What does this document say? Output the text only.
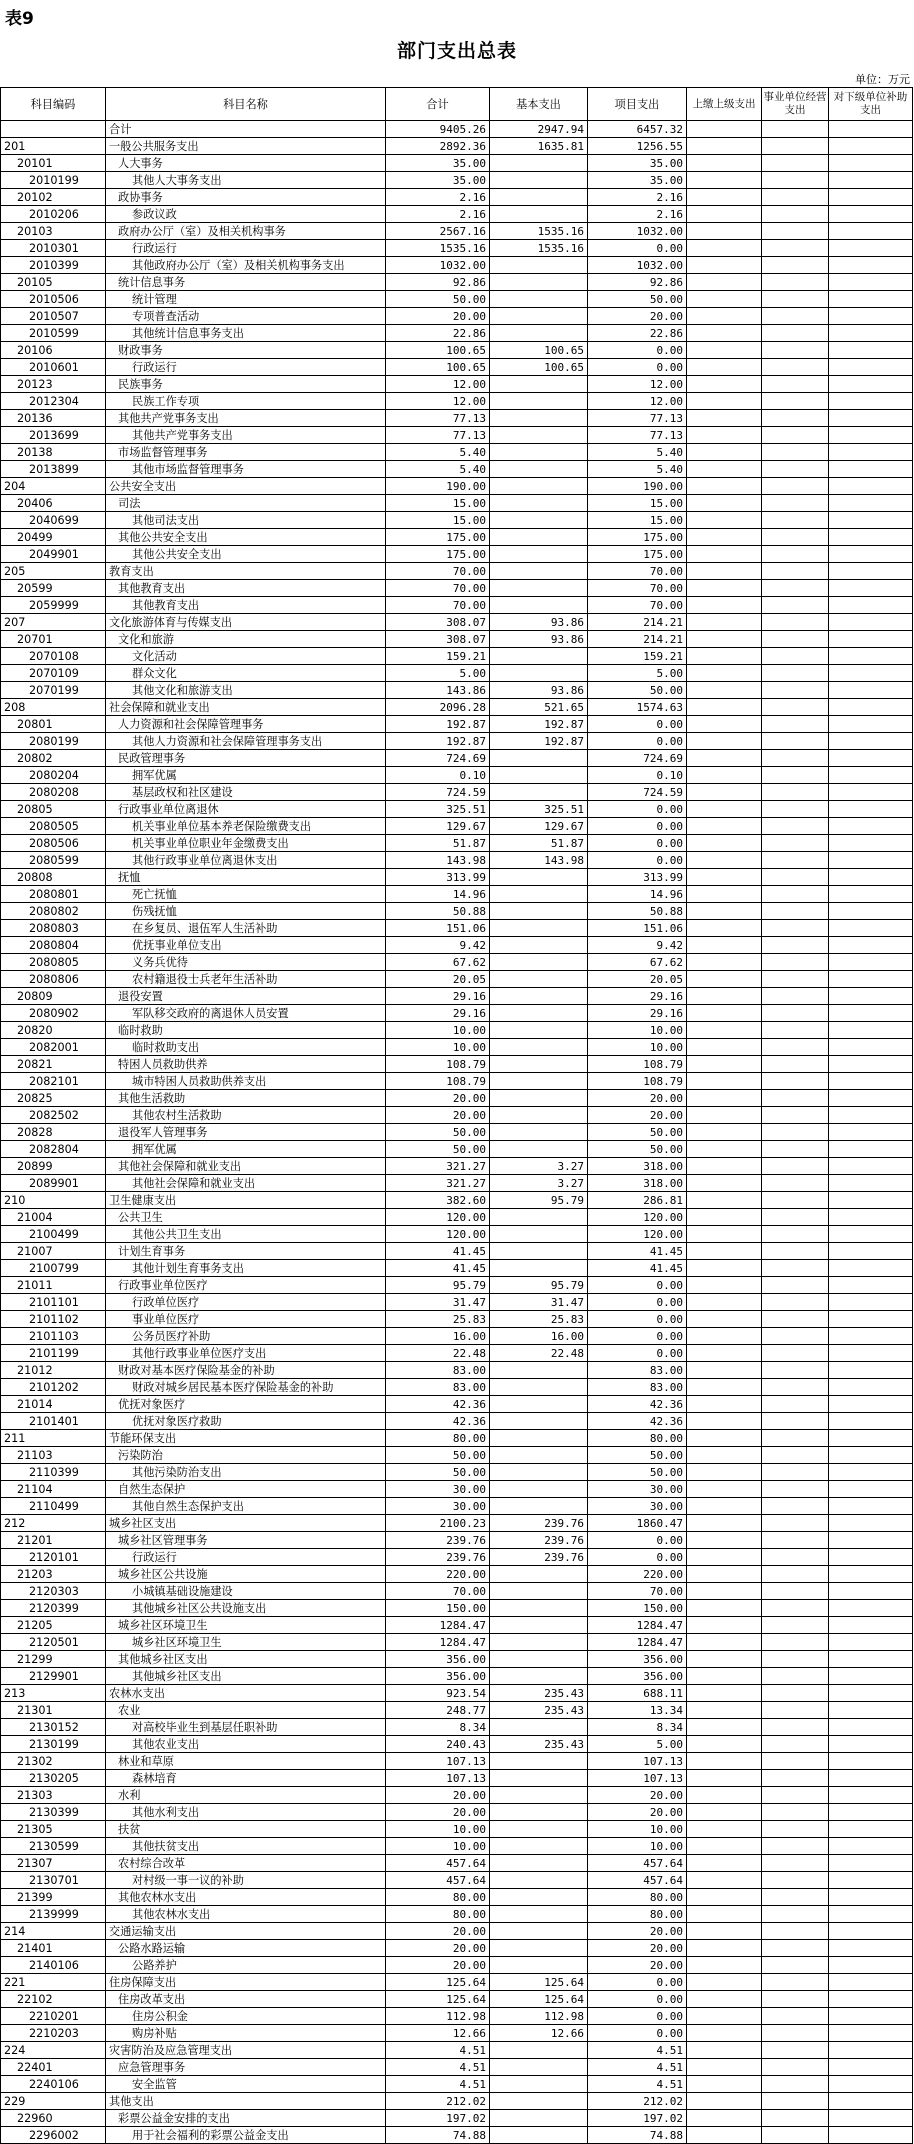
表9
部门支出总表
单位：万元
科目编码	科目名称	合计	基本支出	项目支出	上缴上级支出	事业单位经营支出	对下级单位补助支出
	合计	9405.26	2947.94	6457.32			
201	一般公共服务支出	2892.36	1635.81	1256.55			
20101	人大事务	35.00		35.00			
2010199	其他人大事务支出	35.00		35.00			
20102	政协事务	2.16		2.16			
2010206	参政议政	2.16		2.16			
20103	政府办公厅（室）及相关机构事务	2567.16	1535.16	1032.00			
2010301	行政运行	1535.16	1535.16	0.00			
2010399	其他政府办公厅（室）及相关机构事务支出	1032.00		1032.00			
20105	统计信息事务	92.86		92.86			
2010506	统计管理	50.00		50.00			
2010507	专项普查活动	20.00		20.00			
2010599	其他统计信息事务支出	22.86		22.86			
20106	财政事务	100.65	100.65	0.00			
2010601	行政运行	100.65	100.65	0.00			
20123	民族事务	12.00		12.00			
2012304	民族工作专项	12.00		12.00			
20136	其他共产党事务支出	77.13		77.13			
2013699	其他共产党事务支出	77.13		77.13			
20138	市场监督管理事务	5.40		5.40			
2013899	其他市场监督管理事务	5.40		5.40			
204	公共安全支出	190.00		190.00			
20406	司法	15.00		15.00			
2040699	其他司法支出	15.00		15.00			
20499	其他公共安全支出	175.00		175.00			
2049901	其他公共安全支出	175.00		175.00			
205	教育支出	70.00		70.00			
20599	其他教育支出	70.00		70.00			
2059999	其他教育支出	70.00		70.00			
207	文化旅游体育与传媒支出	308.07	93.86	214.21			
20701	文化和旅游	308.07	93.86	214.21			
2070108	文化活动	159.21		159.21			
2070109	群众文化	5.00		5.00			
2070199	其他文化和旅游支出	143.86	93.86	50.00			
208	社会保障和就业支出	2096.28	521.65	1574.63			
20801	人力资源和社会保障管理事务	192.87	192.87	0.00			
2080199	其他人力资源和社会保障管理事务支出	192.87	192.87	0.00			
20802	民政管理事务	724.69		724.69			
2080204	拥军优属	0.10		0.10			
2080208	基层政权和社区建设	724.59		724.59			
20805	行政事业单位离退休	325.51	325.51	0.00			
2080505	机关事业单位基本养老保险缴费支出	129.67	129.67	0.00			
2080506	机关事业单位职业年金缴费支出	51.87	51.87	0.00			
2080599	其他行政事业单位离退休支出	143.98	143.98	0.00			
20808	抚恤	313.99		313.99			
2080801	死亡抚恤	14.96		14.96			
2080802	伤残抚恤	50.88		50.88			
2080803	在乡复员、退伍军人生活补助	151.06		151.06			
2080804	优抚事业单位支出	9.42		9.42			
2080805	义务兵优待	67.62		67.62			
2080806	农村籍退役士兵老年生活补助	20.05		20.05			
20809	退役安置	29.16		29.16			
2080902	军队移交政府的离退休人员安置	29.16		29.16			
20820	临时救助	10.00		10.00			
2082001	临时救助支出	10.00		10.00			
20821	特困人员救助供养	108.79		108.79			
2082101	城市特困人员救助供养支出	108.79		108.79			
20825	其他生活救助	20.00		20.00			
2082502	其他农村生活救助	20.00		20.00			
20828	退役军人管理事务	50.00		50.00			
2082804	拥军优属	50.00		50.00			
20899	其他社会保障和就业支出	321.27	3.27	318.00			
2089901	其他社会保障和就业支出	321.27	3.27	318.00			
210	卫生健康支出	382.60	95.79	286.81			
21004	公共卫生	120.00		120.00			
2100499	其他公共卫生支出	120.00		120.00			
21007	计划生育事务	41.45		41.45			
2100799	其他计划生育事务支出	41.45		41.45			
21011	行政事业单位医疗	95.79	95.79	0.00			
2101101	行政单位医疗	31.47	31.47	0.00			
2101102	事业单位医疗	25.83	25.83	0.00			
2101103	公务员医疗补助	16.00	16.00	0.00			
2101199	其他行政事业单位医疗支出	22.48	22.48	0.00			
21012	财政对基本医疗保险基金的补助	83.00		83.00			
2101202	财政对城乡居民基本医疗保险基金的补助	83.00		83.00			
21014	优抚对象医疗	42.36		42.36			
2101401	优抚对象医疗救助	42.36		42.36			
211	节能环保支出	80.00		80.00			
21103	污染防治	50.00		50.00			
2110399	其他污染防治支出	50.00		50.00			
21104	自然生态保护	30.00		30.00			
2110499	其他自然生态保护支出	30.00		30.00			
212	城乡社区支出	2100.23	239.76	1860.47			
21201	城乡社区管理事务	239.76	239.76	0.00			
2120101	行政运行	239.76	239.76	0.00			
21203	城乡社区公共设施	220.00		220.00			
2120303	小城镇基础设施建设	70.00		70.00			
2120399	其他城乡社区公共设施支出	150.00		150.00			
21205	城乡社区环境卫生	1284.47		1284.47			
2120501	城乡社区环境卫生	1284.47		1284.47			
21299	其他城乡社区支出	356.00		356.00			
2129901	其他城乡社区支出	356.00		356.00			
213	农林水支出	923.54	235.43	688.11			
21301	农业	248.77	235.43	13.34			
2130152	对高校毕业生到基层任职补助	8.34		8.34			
2130199	其他农业支出	240.43	235.43	5.00			
21302	林业和草原	107.13		107.13			
2130205	森林培育	107.13		107.13			
21303	水利	20.00		20.00			
2130399	其他水利支出	20.00		20.00			
21305	扶贫	10.00		10.00			
2130599	其他扶贫支出	10.00		10.00			
21307	农村综合改革	457.64		457.64			
2130701	对村级一事一议的补助	457.64		457.64			
21399	其他农林水支出	80.00		80.00			
2139999	其他农林水支出	80.00		80.00			
214	交通运输支出	20.00		20.00			
21401	公路水路运输	20.00		20.00			
2140106	公路养护	20.00		20.00			
221	住房保障支出	125.64	125.64	0.00			
22102	住房改革支出	125.64	125.64	0.00			
2210201	住房公积金	112.98	112.98	0.00			
2210203	购房补贴	12.66	12.66	0.00			
224	灾害防治及应急管理支出	4.51		4.51			
22401	应急管理事务	4.51		4.51			
2240106	安全监管	4.51		4.51			
229	其他支出	212.02		212.02			
22960	彩票公益金安排的支出	197.02		197.02			
2296002	用于社会福利的彩票公益金支出	74.88		74.88			
